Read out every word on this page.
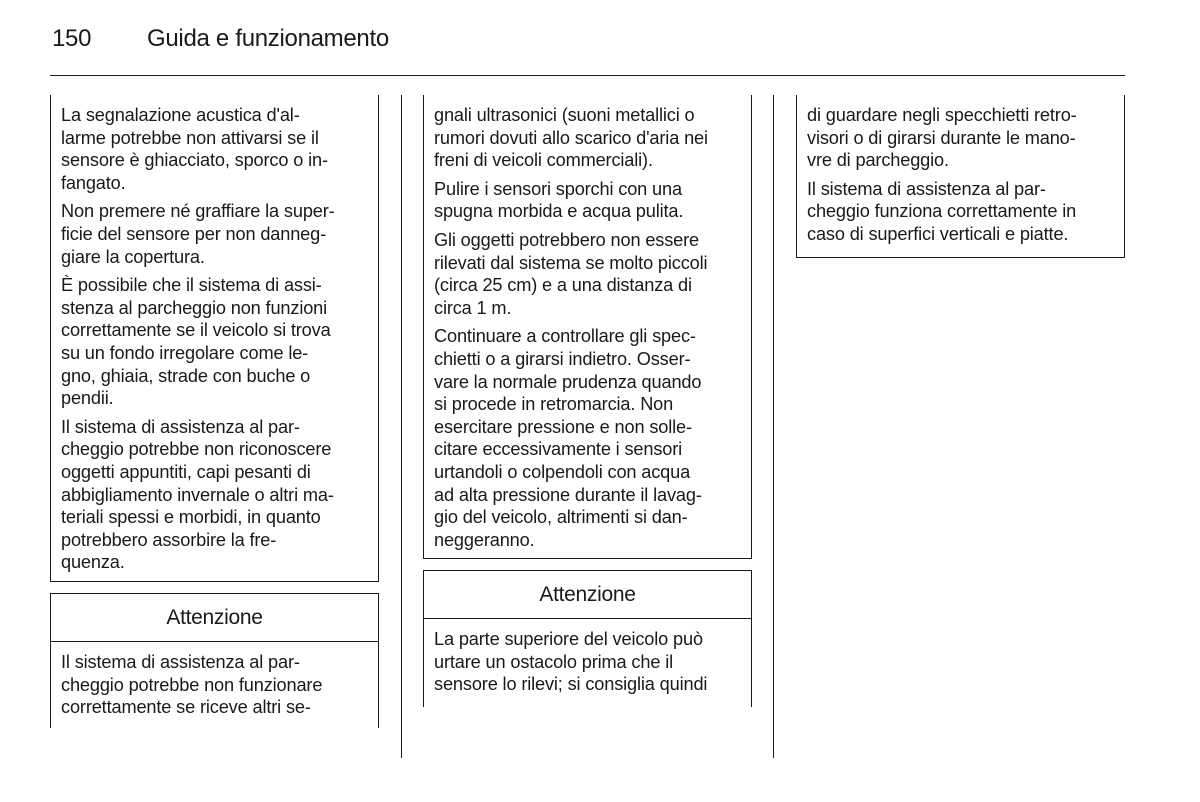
150 Guida e funzionamento

La segnalazione acustica d'al-
larme potrebbe non attivarsi se il
sensore è ghiacciato, sporco o in-
fangato.

Non premere né graffiare la super-
ficie del sensore per non danneg-
giare la copertura.

È possibile che il sistema di assi-
stenza al parcheggio non funzioni
correttamente se il veicolo si trova
su un fondo irregolare come le-
gno, ghiaia, strade con buche o
pendii.

Il sistema di assistenza al par-
cheggio potrebbe non riconoscere
oggetti appuntiti, capi pesanti di
abbigliamento invernale o altri ma-
teriali spessi e morbidi, in quanto
potrebbero assorbire la fre-
quenza.

Attenzione

Il sistema di assistenza al par-
cheggio potrebbe non funzionare
correttamente se riceve altri se-

gnali ultrasonici (suoni metallici o
rumori dovuti allo scarico d'aria nei
freni di veicoli commerciali).

Pulire i sensori sporchi con una
spugna morbida e acqua pulita.

Gli oggetti potrebbero non essere
rilevati dal sistema se molto piccoli
(circa 25 cm) e a una distanza di
circa 1 m.

Continuare a controllare gli spec-
chietti o a girarsi indietro. Osser-
vare la normale prudenza quando
si procede in retromarcia. Non
esercitare pressione e non solle-
citare eccessivamente i sensori
urtandoli o colpendoli con acqua
ad alta pressione durante il lavag-
gio del veicolo, altrimenti si dan-
neggeranno.

Attenzione

La parte superiore del veicolo può
urtare un ostacolo prima che il
sensore lo rilevi; si consiglia quindi

di guardare negli specchietti retro-
visori o di girarsi durante le mano-
vre di parcheggio.

Il sistema di assistenza al par-
cheggio funziona correttamente in
caso di superfici verticali e piatte.
